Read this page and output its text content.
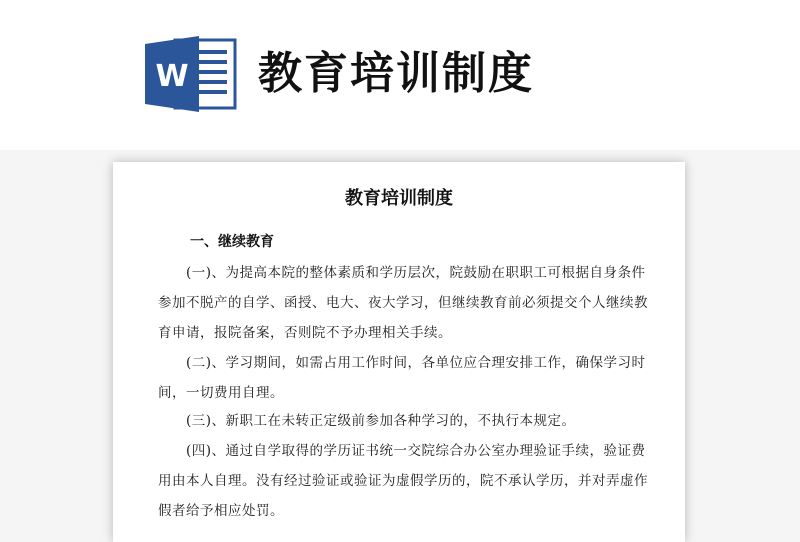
W 教育培训制度
教育培训制度
一、继续教育

(一)、为提高本院的整体素质和学历层次，院鼓励在职职工可根据自身条件参加不脱产的自学、函授、电大、夜大学习，但继续教育前必须提交个人继续教育申请，报院备案，否则院不予办理相关手续。

(二)、学习期间，如需占用工作时间，各单位应合理安排工作，确保学习时间，一切费用自理。

(三)、新职工在未转正定级前参加各种学习的，不执行本规定。

(四)、通过自学取得的学历证书统一交院综合办公室办理验证手续，验证费用由本人自理。没有经过验证或验证为虚假学历的，院不承认学历，并对弄虚作假者给予相应处罚。
